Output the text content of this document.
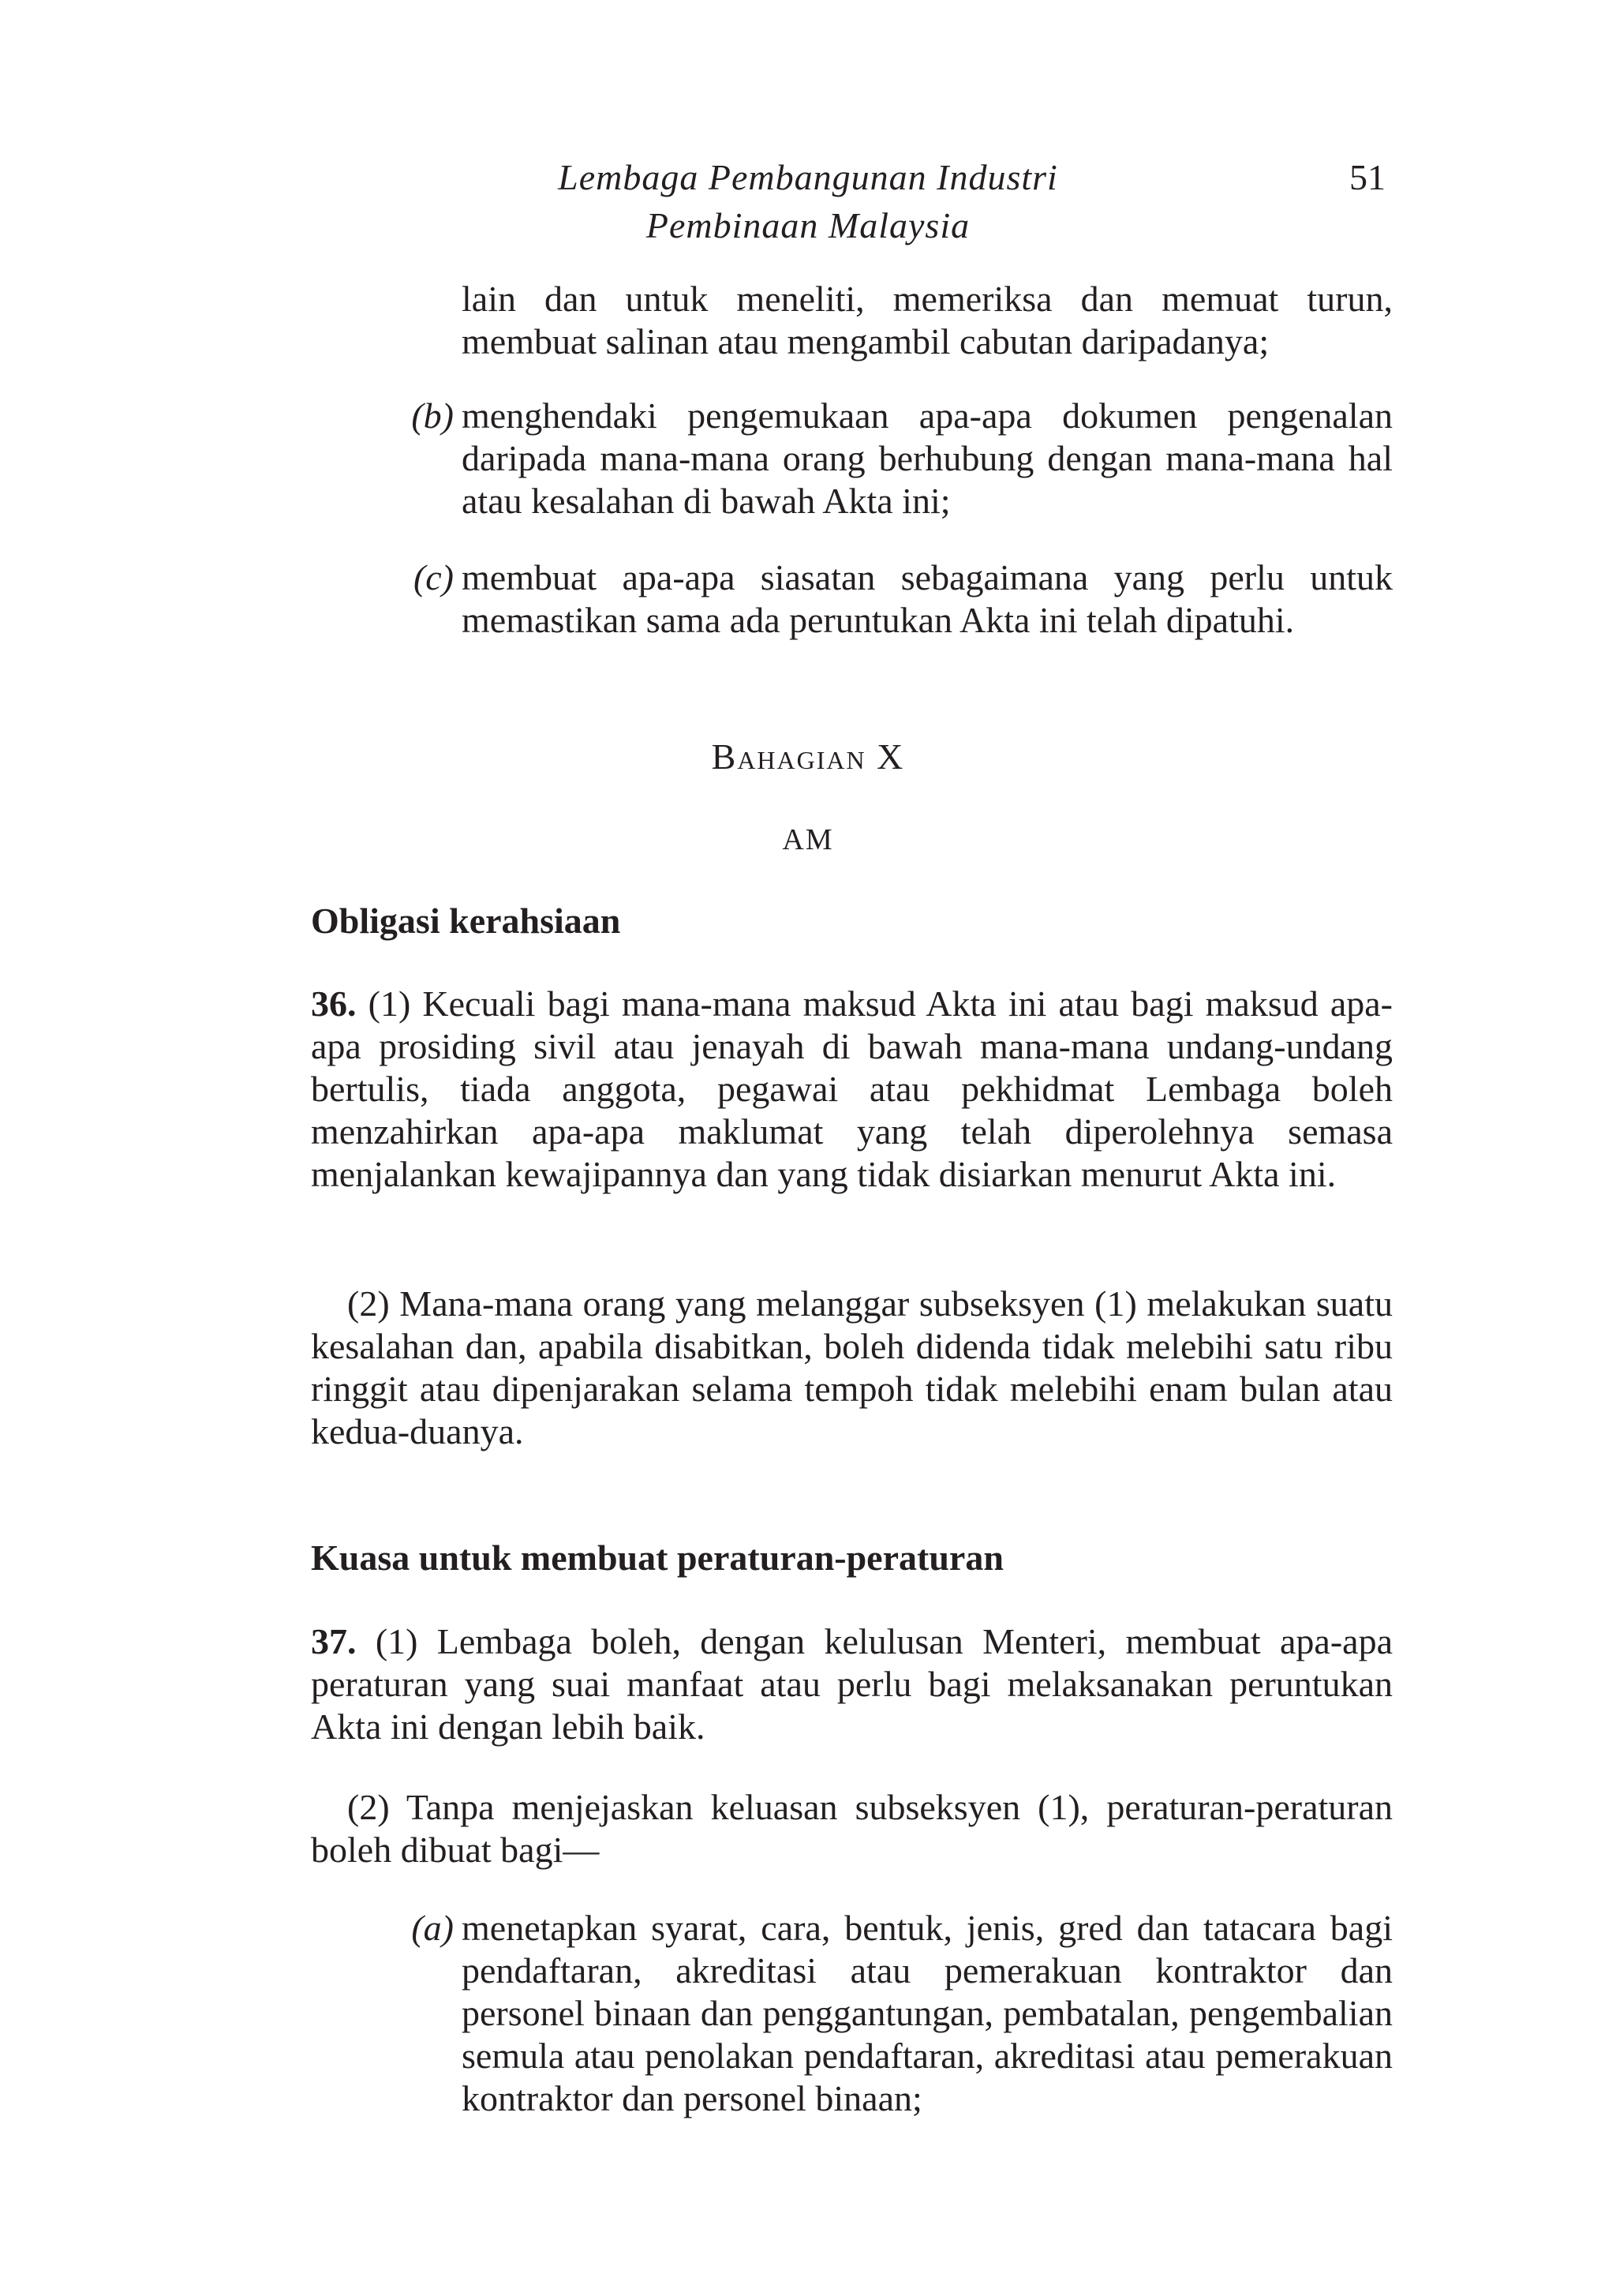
Lembaga Pembangunan Industri Pembinaan Malaysia
51
lain dan untuk meneliti, memeriksa dan memuat turun, membuat salinan atau mengambil cabutan daripadanya;
(b) menghendaki pengemukaan apa-apa dokumen pengenalan daripada mana-mana orang berhubung dengan mana-mana hal atau kesalahan di bawah Akta ini;
(c) membuat apa-apa siasatan sebagaimana yang perlu untuk memastikan sama ada peruntukan Akta ini telah dipatuhi.
Bahagian X
AM
Obligasi kerahsiaan
36. (1) Kecuali bagi mana-mana maksud Akta ini atau bagi maksud apa-apa prosiding sivil atau jenayah di bawah mana-mana undang-undang bertulis, tiada anggota, pegawai atau pekhidmat Lembaga boleh menzahirkan apa-apa maklumat yang telah diperolehnya semasa menjalankan kewajipannya dan yang tidak disiarkan menurut Akta ini.
(2) Mana-mana orang yang melanggar subseksyen (1) melakukan suatu kesalahan dan, apabila disabitkan, boleh didenda tidak melebihi satu ribu ringgit atau dipenjarakan selama tempoh tidak melebihi enam bulan atau kedua-duanya.
Kuasa untuk membuat peraturan-peraturan
37. (1) Lembaga boleh, dengan kelulusan Menteri, membuat apa-apa peraturan yang suai manfaat atau perlu bagi melaksanakan peruntukan Akta ini dengan lebih baik.
(2) Tanpa menjejaskan keluasan subseksyen (1), peraturan-peraturan boleh dibuat bagi—
(a) menetapkan syarat, cara, bentuk, jenis, gred dan tatacara bagi pendaftaran, akreditasi atau pemerakuan kontraktor dan personel binaan dan penggantungan, pembatalan, pengembalian semula atau penolakan pendaftaran, akreditasi atau pemerakuan kontraktor dan personel binaan;
